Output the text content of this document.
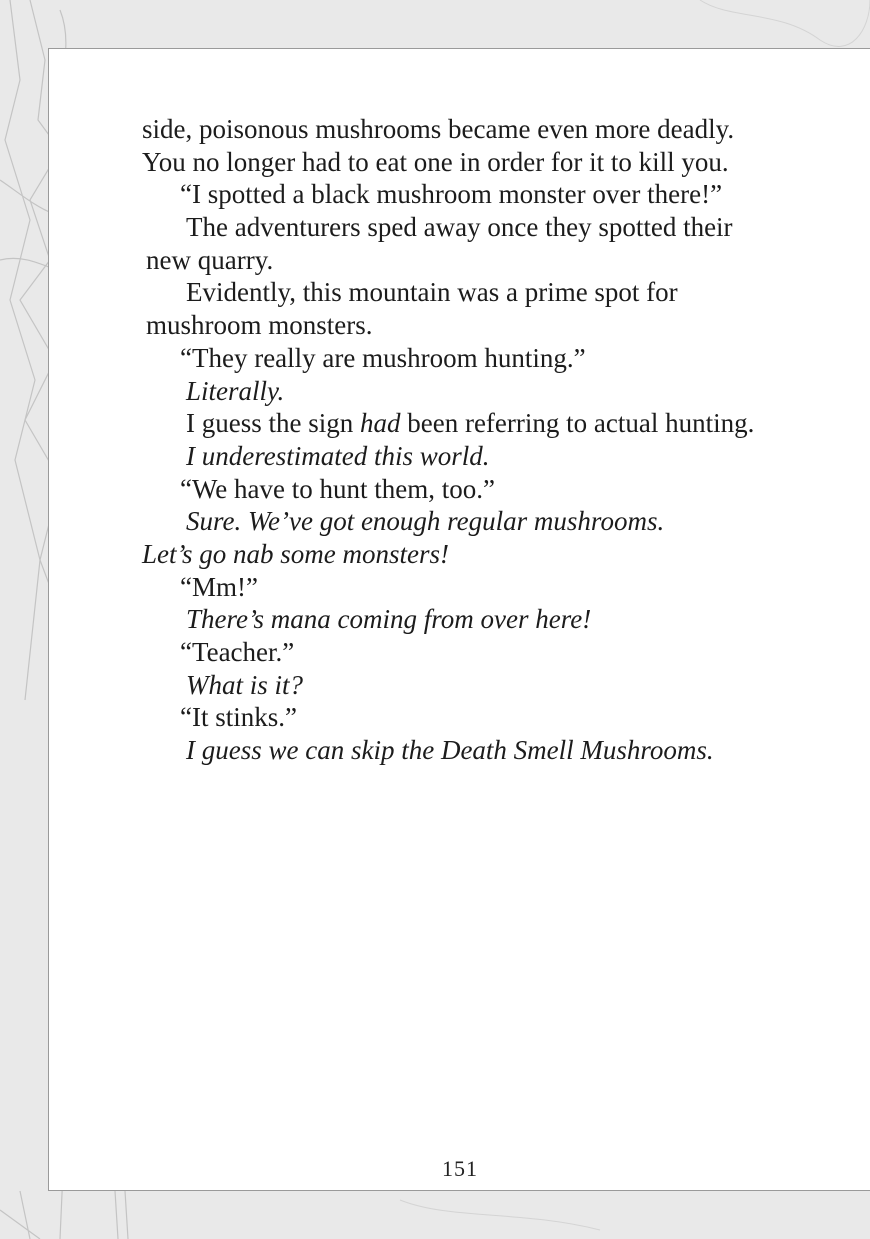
side, poisonous mushrooms became even more deadly.
You no longer had to eat one in order for it to kill you.
“I spotted a black mushroom monster over there!”
The adventurers sped away once they spotted their
new quarry.
Evidently, this mountain was a prime spot for
mushroom monsters.
“They really are mushroom hunting.”
Literally.
I guess the sign had been referring to actual hunting.
I underestimated this world.
“We have to hunt them, too.”
Sure. We’ve got enough regular mushrooms.
Let’s go nab some monsters!
“Mm!”
There’s mana coming from over here!
“Teacher.”
What is it?
“It stinks.”
I guess we can skip the Death Smell Mushrooms.
151
